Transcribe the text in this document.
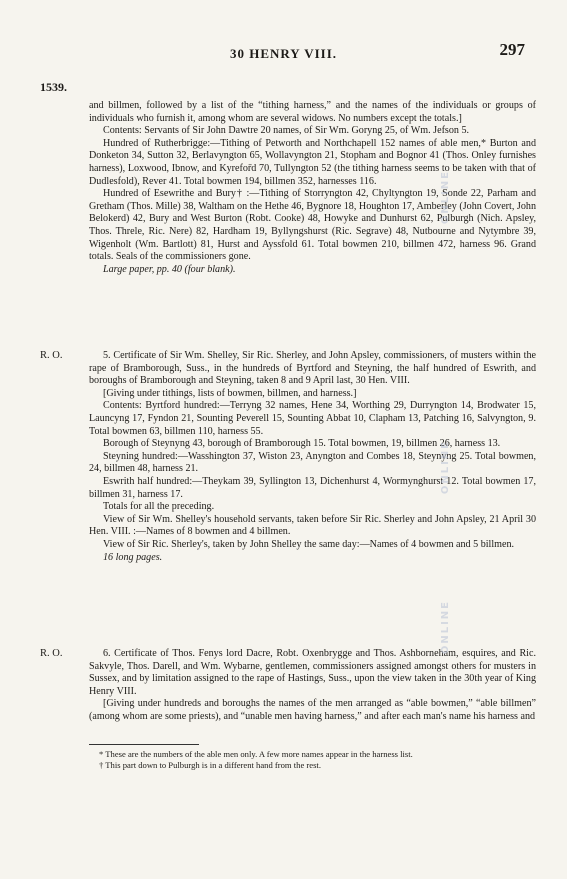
30 HENRY VIII.	297
1539.

and billmen, followed by a list of the “tithing harness,” and the names of the individuals or groups of individuals who furnish it, among whom are several widows. No numbers except the totals.]

Contents: Servants of Sir John Dawtre 20 names, of Sir Wm. Goryng 25, of Wm. Jefson 5.

Hundred of Rutherbrigge:—Tithing of Petworth and Northchapell 152 names of able men,* Burton and Donketon 34, Sutton 32, Berlavyngton 65, Wollavyngton 21, Stopham and Bognor 41 (Thos. Onley furnishes harness), Loxwood, Ibnow, and Kyrefor̄d 70, Tullyngton 52 (the tithing harness seems to be taken with that of Dudlesfold), Rever 41. Total bowmen 194, billmen 352, harnesses 116.

Hundred of Esewrithe and Bury† :—Tithing of Storryngton 42, Chyltyngton 19, Sonde 22, Parham and Gretham (Thos. Mille) 38, Waltham on the Hethe 46, Bygnore 18, Houghton 17, Amberley (John Covert, John Belokerd) 42, Bury and West Burton (Robt. Cooke) 48, Howyke and Dunhurst 62, Pulburgh (Nich. Apsley, Thos. Threle, Ric. Nere) 82, Hardham 19, Byllyngshurst (Ric. Segrave) 48, Nutbourne and Nytymbre 39, Wigenholt (Wm. Bartlott) 81, Hurst and Ayssfold 61. Total bowmen 210, billmen 472, harness 96. Grand totals. Seals of the commissioners gone.

Large paper, pp. 40 (four blank).

R. O.	5. Certificate of Sir Wm. Shelley, Sir Ric. Sherley, and John Apsley, commissioners, of musters within the rape of Bramborough, Suss., in the hundreds of Byrtford and Steyning, the half hundred of Eswrith, and boroughs of Bramborough and Steyning, taken 8 and 9 April last, 30 Hen. VIII.

[Giving under tithings, lists of bowmen, billmen, and harness.]

Contents: Byrtford hundred:—Terryng 32 names, Hene 34, Worthing 29, Durryngton 14, Brodwater 15, Launcyng 17, Fyndon 21, Sounting Peverell 15, Sounting Abbat 10, Clapham 13, Patching 16, Salvyngton, 9. Total bowmen 63, billmen 110, harness 55.

Borough of Steynyng 43, borough of Bramborough 15. Total bowmen, 19, billmen 26, harness 13.

Steyning hundred:—Wasshington 37, Wiston 23, Anyngton and Combes 18, Steynyng 25. Total bowmen, 24, billmen 48, harness 21.

Eswrith half hundred:—Theykam 39, Syllington 13, Dichenhurst 4, Wormynghurst 12. Total bowmen 17, billmen 31, harness 17.

Totals for all the preceding.

View of Sir Wm. Shelley's household servants, taken before Sir Ric. Sherley and John Apsley, 21 April 30 Hen. VIII. :—Names of 8 bowmen and 4 billmen.

View of Sir Ric. Sherley's, taken by John Shelley the same day:—Names of 4 bowmen and 5 billmen.

16 long pages.

R. O.	6. Certificate of Thos. Fenys lord Dacre, Robt. Oxenbrygge and Thos. Ashborneham, esquires, and Ric. Sakvyle, Thos. Darell, and Wm. Wybarne, gentlemen, commissioners assigned amongst others for musters in Sussex, and by limitation assigned to the rape of Hastings, Suss., upon the view taken in the 30th year of King Henry VIII.

[Giving under hundreds and boroughs the names of the men arranged as “able bowmen,” “able billmen” (among whom are some priests), and “unable men having harness,” and after each man's name his harness and

* These are the numbers of the able men only. A few more names appear in the harness list.

† This part down to Pulburgh is in a different hand from the rest.

ONLINE
ONLINE
ONLINE
